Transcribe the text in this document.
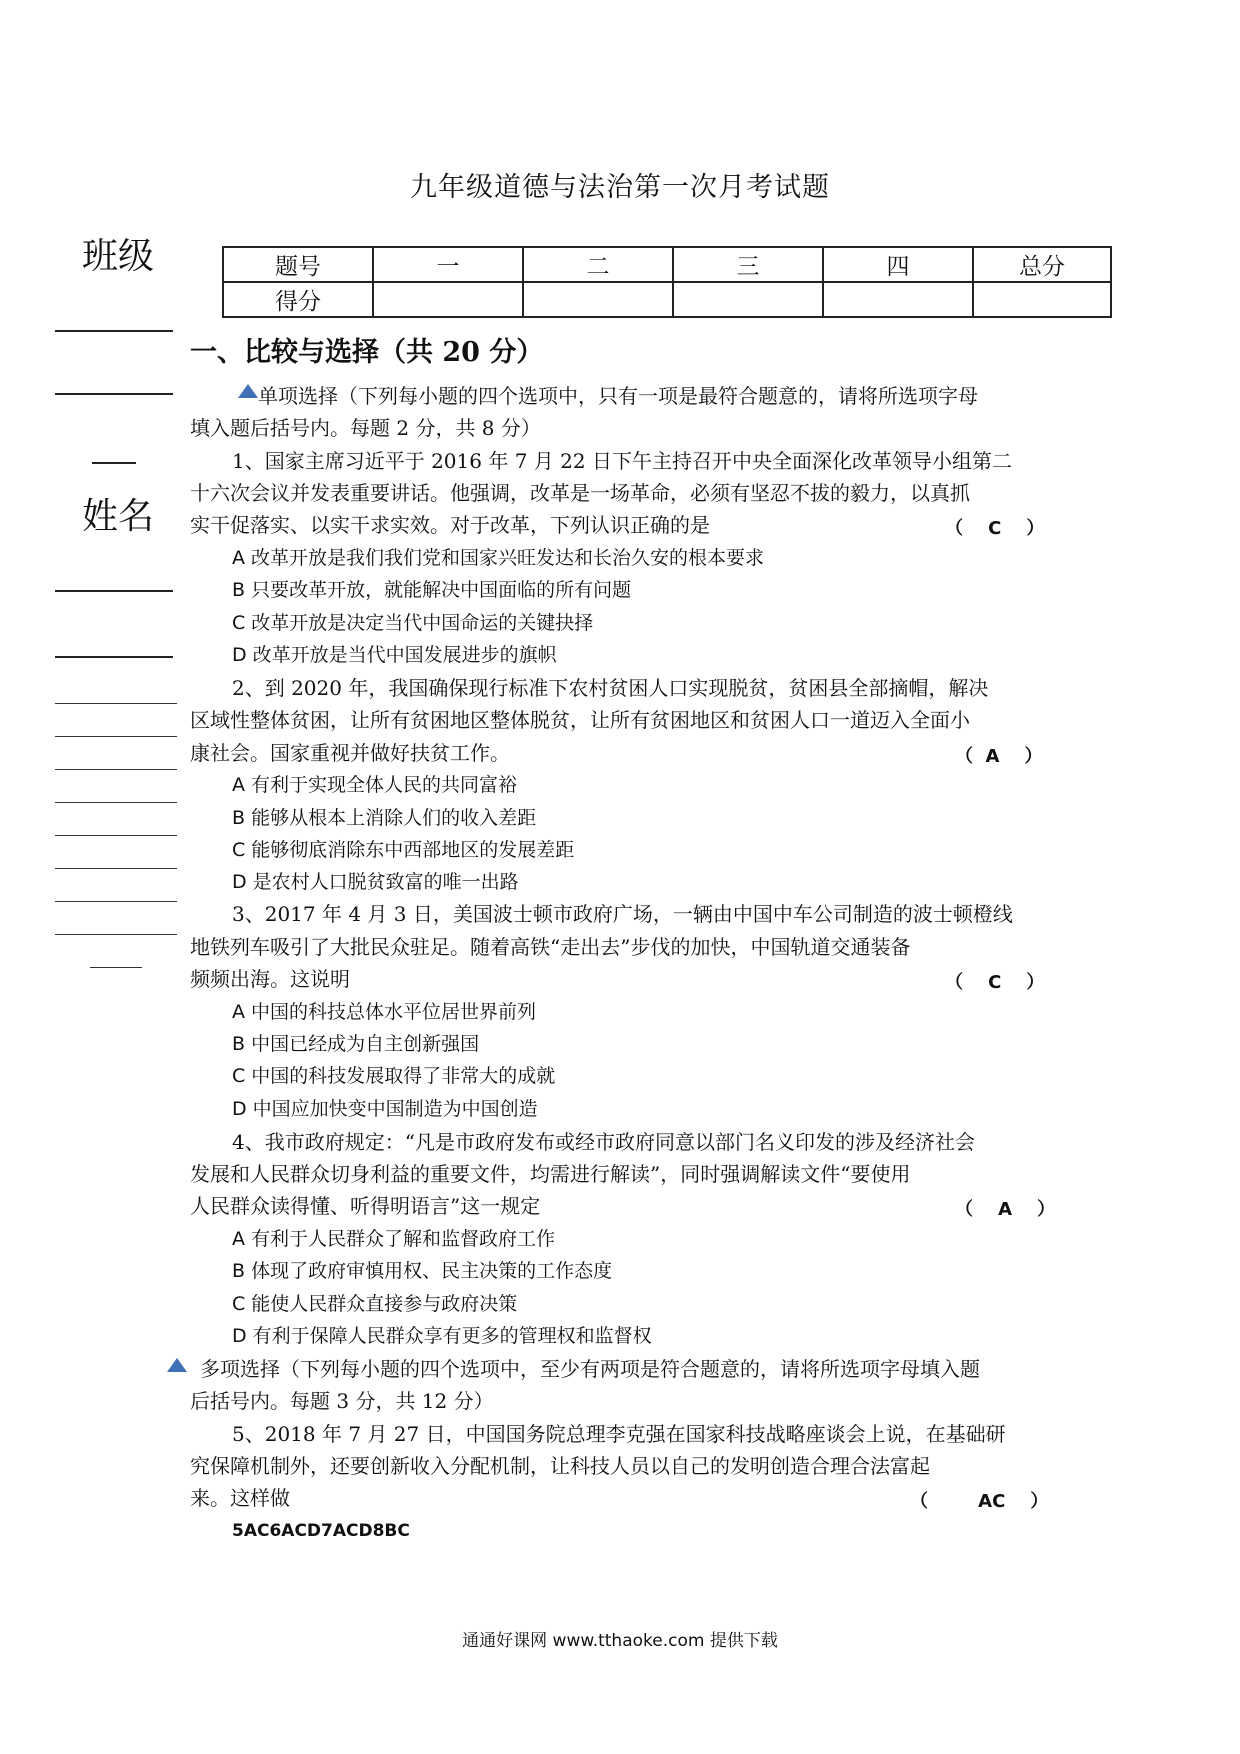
九年级道德与法治第一次月考试题
班级
姓名
题号	一	二	三	四	总分
得分					
一、比较与选择（共 20 分）
单项选择（下列每小题的四个选项中，只有一项是最符合题意的，请将所选项字母
填入题后括号内。每题 2 分，共 8 分）
1、国家主席习近平于 2016 年 7 月 22 日下午主持召开中央全面深化改革领导小组第二
十六次会议并发表重要讲话。他强调，改革是一场革命，必须有坚忍不拔的毅力，以真抓
实干促落实、以实干求实效。对于改革，下列认识正确的是	（    C    ）
A 改革开放是我们我们党和国家兴旺发达和长治久安的根本要求
B 只要改革开放，就能解决中国面临的所有问题
C 改革开放是决定当代中国命运的关键抉择
D 改革开放是当代中国发展进步的旗帜
2、到 2020 年，我国确保现行标准下农村贫困人口实现脱贫，贫困县全部摘帽，解决
区域性整体贫困，让所有贫困地区整体脱贫，让所有贫困地区和贫困人口一道迈入全面小
康社会。国家重视并做好扶贫工作。	（  A    ）
A 有利于实现全体人民的共同富裕
B 能够从根本上消除人们的收入差距
C 能够彻底消除东中西部地区的发展差距
D 是农村人口脱贫致富的唯一出路
3、2017 年 4 月 3 日，美国波士顿市政府广场，一辆由中国中车公司制造的波士顿橙线
地铁列车吸引了大批民众驻足。随着高铁“走出去”步伐的加快，中国轨道交通装备
频频出海。这说明	（    C    ）
A 中国的科技总体水平位居世界前列
B 中国已经成为自主创新强国
C 中国的科技发展取得了非常大的成就
D 中国应加快变中国制造为中国创造
4、我市政府规定：“凡是市政府发布或经市政府同意以部门名义印发的涉及经济社会
发展和人民群众切身利益的重要文件，均需进行解读”，同时强调解读文件“要使用
人民群众读得懂、听得明语言”这一规定	（    A    ）
A 有利于人民群众了解和监督政府工作
B 体现了政府审慎用权、民主决策的工作态度
C 能使人民群众直接参与政府决策
D 有利于保障人民群众享有更多的管理权和监督权
多项选择（下列每小题的四个选项中，至少有两项是符合题意的，请将所选项字母填入题
后括号内。每题 3 分，共 12 分）
5、2018 年 7 月 27 日，中国国务院总理李克强在国家科技战略座谈会上说，在基础研
究保障机制外，还要创新收入分配机制，让科技人员以自己的发明创造合理合法富起
来。这样做	（        AC    ）
5AC6ACD7ACD8BC
通通好课网 www.tthaoke.com 提供下载
